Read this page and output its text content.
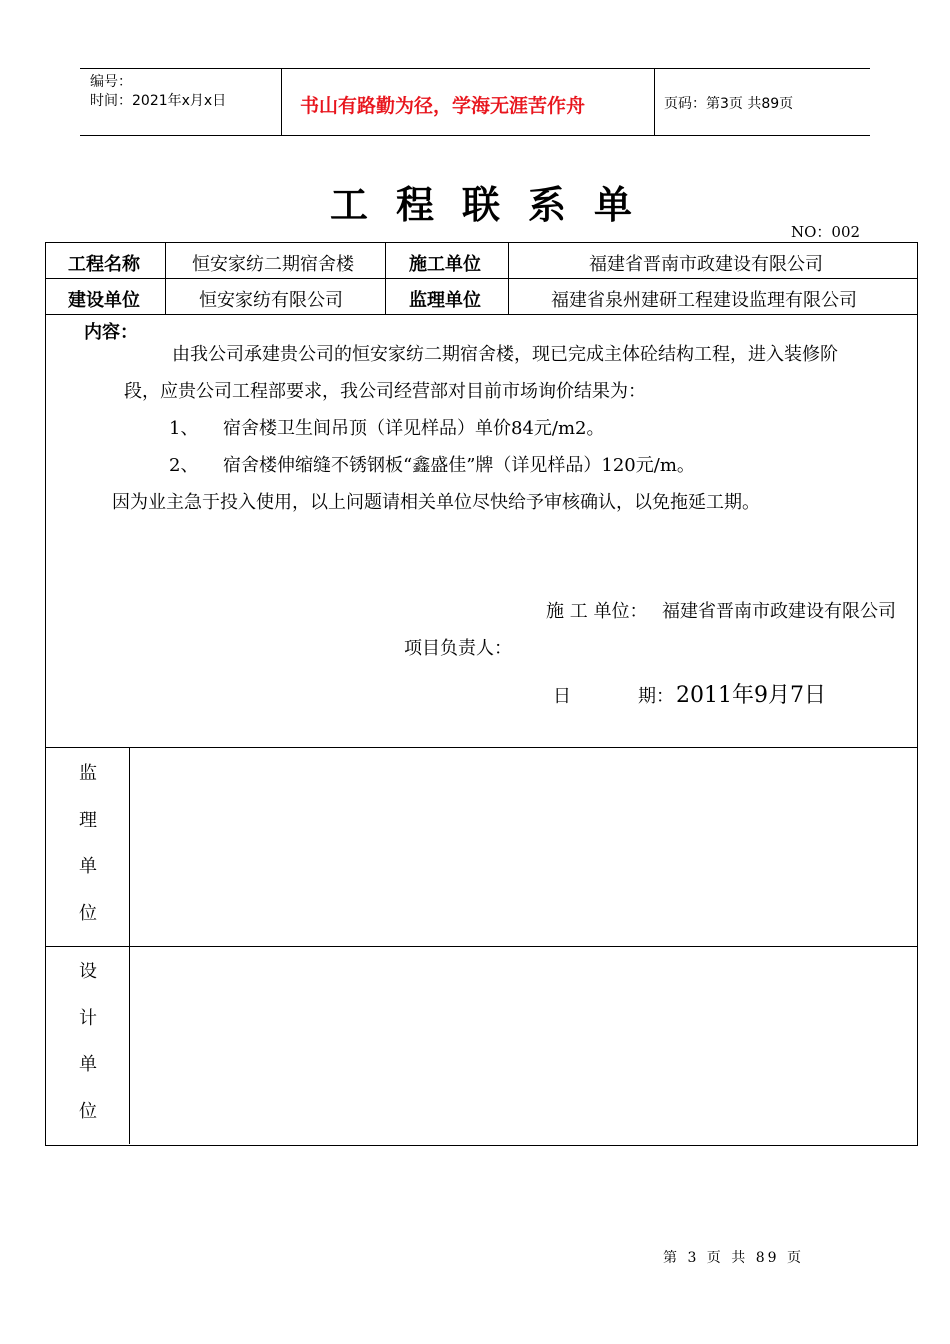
编号：
时间：2021年x月x日	书山有路勤为径，学海无涯苦作舟	页码：第3页 共89页
工程联系单
NO：002
工程名称	恒安家纺二期宿舍楼	施工单位	福建省晋南市政建设有限公司
建设单位	恒安家纺有限公司	监理单位	福建省泉州建研工程建设监理有限公司
内容：
由我公司承建贵公司的恒安家纺二期宿舍楼，现已完成主体砼结构工程，进入装修阶
段，应贵公司工程部要求，我公司经营部对目前市场询价结果为：
1、 宿舍楼卫生间吊顶（详见样品）单价84元/m2。
2、 宿舍楼伸缩缝不锈钢板“鑫盛佳”牌（详见样品）120元/m。
因为业主急于投入使用，以上问题请相关单位尽快给予审核确认，以免拖延工期。
施 工 单位： 福建省晋南市政建设有限公司
项目负责人：
日	期： 2011年9月7日
监
理
单
位
设
计
单
位
第 3 页 共 89 页
